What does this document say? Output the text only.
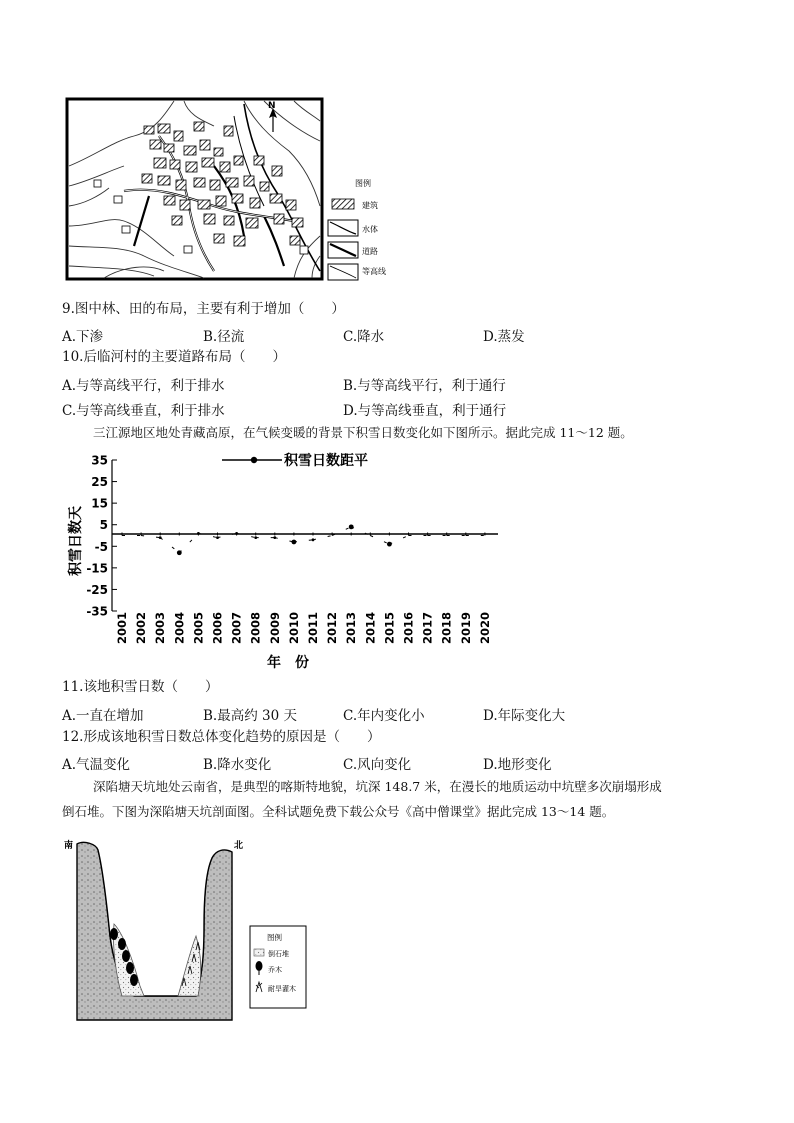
N
图例
建筑
水体
道路
等高线
9.图中林、田的布局，主要有利于增加（　　）
A.下渗	B.径流	C.降水	D.蒸发
10.后临河村的主要道路布局（　　）
A.与等高线平行，利于排水	B.与等高线平行，利于通行
C.与等高线垂直，利于排水	D.与等高线垂直，利于通行
三江源地区地处青藏高原，在气候变暖的背景下积雪日数变化如下图所示。据此完成 11～12 题。
35
25
15
5
-5
-15
-25
-35
2001 2002 2003 2004 2005 2006 2007 2008 2009 2010 2011 2012 2013 2014 2015 2016 2017 2018 2019 2020
积雪日数距平
积雪日数天
年　份
11.该地积雪日数（　　）
A.一直在增加	B.最高约 30 天	C.年内变化小	D.年际变化大
12.形成该地积雪日数总体变化趋势的原因是（　　）
A.气温变化	B.降水变化	C.风向变化	D.地形变化
深陷塘天坑地处云南省，是典型的喀斯特地貌，坑深 148.7 米，在漫长的地质运动中坑壁多次崩塌形成
倒石堆。下图为深陷塘天坑剖面图。全科试题免费下载公众号《高中僧课堂》据此完成 13～14 题。
南	北
图例
倒石堆
乔木
耐旱灌木
